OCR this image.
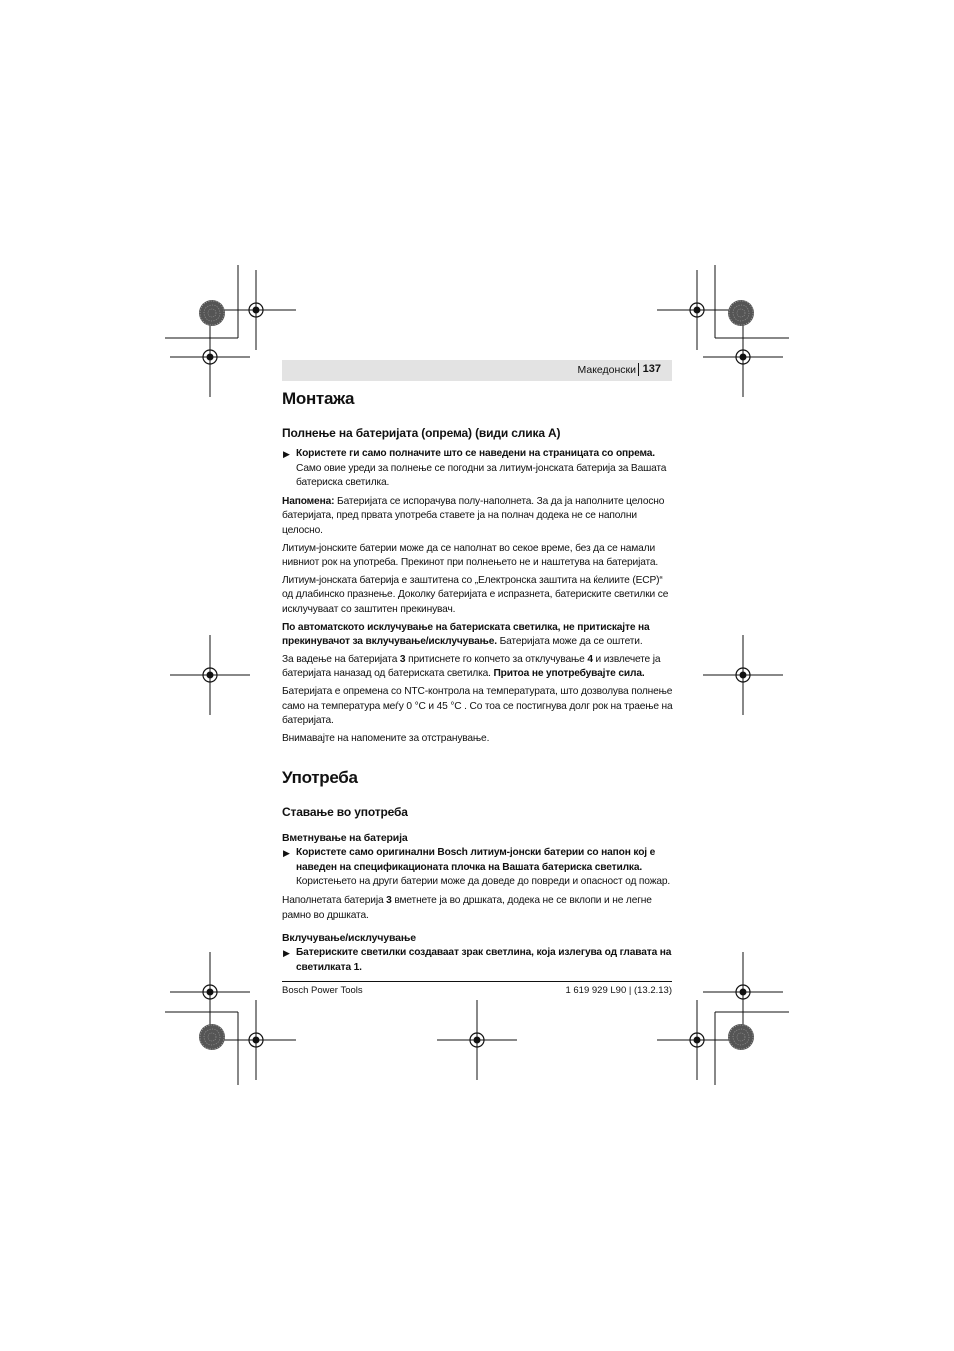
Македонски 137
Монтажа
Полнење на батеријата (опрема) (види слика A)
▶ Користете ги само полначите што се наведени на страницата со опрема. Само овие уреди за полнење се погодни за литиум-јонската батерија за Вашата батериска светилка.

Напомена: Батеријата се испорачува полу-наполнета. За да ја наполните целосно батеријата, пред првата употреба ставете ја на полнач додека не се наполни целосно.

Литиум-јонските батерии може да се наполнат во секое време, без да се намали нивниот рок на употреба. Прекинот при полнењето не и наштетува на батеријата.

Литиум-јонската батерија е заштитена со „Електронска заштита на ќелиите (ECP)“ од длабинско празнење. Доколку батеријата е испразнета, батериските светилки се исклучуваат со заштитен прекинувач.

По автоматското исклучување на батериската светилка, не притискајте на прекинувачот за вклучување/исклучување. Батеријата може да се оштети.

За вадење на батеријата 3 притиснете го копчето за отклучување 4 и извлечете ја батеријата наназад од батериската светилка. Притоа не употребувајте сила.

Батеријата е опремена со NTC-контрола на температурата, што дозволува полнење само на температура меѓу 0 °C и 45 °C . Со тоа се постигнува долг рок на траење на батеријата.

Внимавајте на напомените за отстранување.

Употреба
Ставање во употреба
Вметнување на батерија
▶ Користете само оригинални Bosch литиум-јонски батерии со напон кој е наведен на спецификационата плочка на Вашата батериска светилка. Користењето на други батерии може да доведе до повреди и опасност од пожар.

Наполнетата батерија 3 вметнете ја во дршката, додека не се вклопи и не легне рамно во дршката.

Вклучување/исклучување
▶ Батериските светилки создаваат зрак светлина, која излегува од главата на светилката 1.
Bosch Power Tools	1 619 929 L90 | (13.2.13)
